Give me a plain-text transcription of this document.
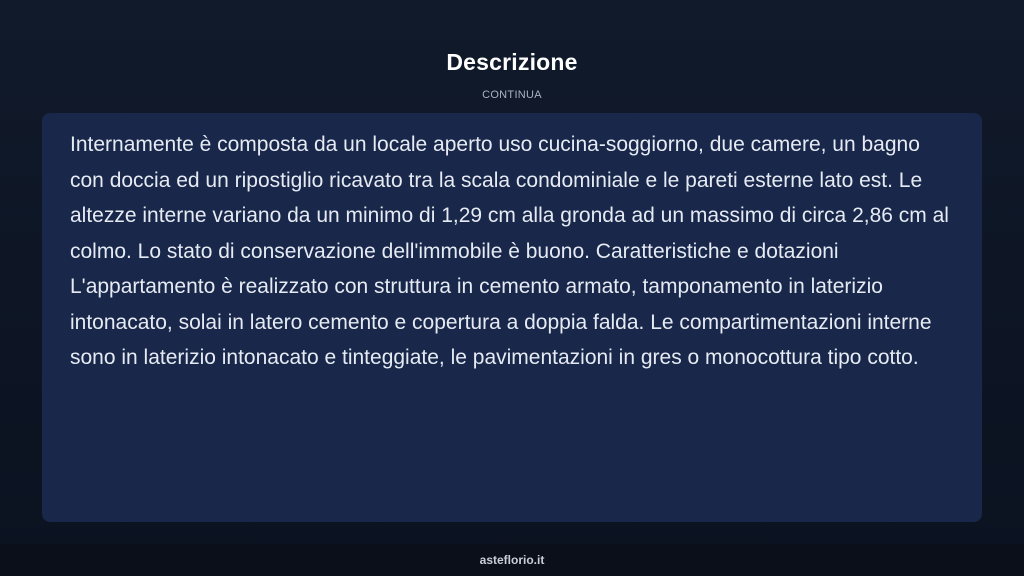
Descrizione
CONTINUA

Internamente è composta da un locale aperto uso cucina-soggiorno, due camere, un bagno con doccia ed un ripostiglio ricavato tra la scala condominiale e le pareti esterne lato est. Le altezze interne variano da un minimo di 1,29 cm alla gronda ad un massimo di circa 2,86 cm al colmo. Lo stato di conservazione dell'immobile è buono. Caratteristiche e dotazioni L'appartamento è realizzato con struttura in cemento armato, tamponamento in laterizio intonacato, solai in latero cemento e copertura a doppia falda. Le compartimentazioni interne sono in laterizio intonacato e tinteggiate, le pavimentazioni in gres o monocottura tipo cotto.

asteflorio.it
